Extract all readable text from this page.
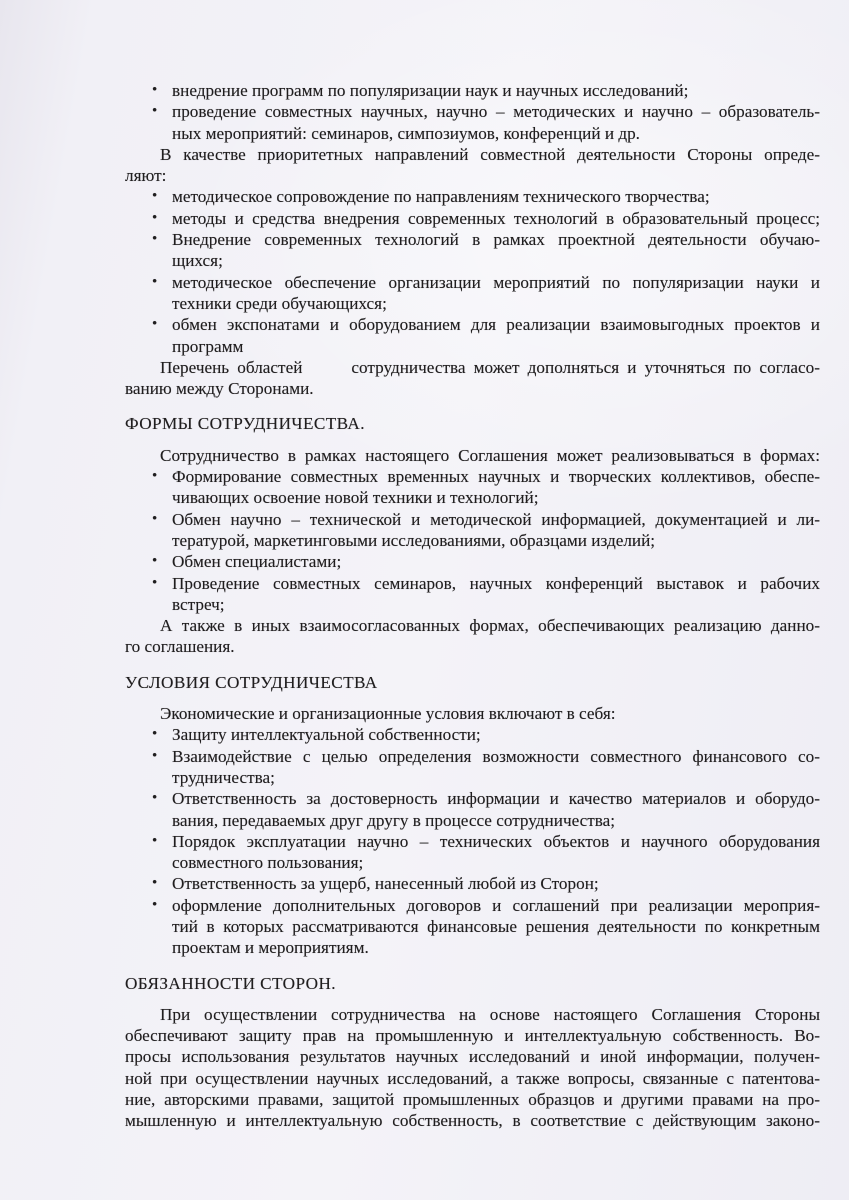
• внедрение программ по популяризации наук и научных исследований;
• проведение совместных научных, научно – методических и научно – образователь-
ных мероприятий: семинаров, симпозиумов, конференций и др.
В качестве приоритетных направлений совместной деятельности Стороны опреде-
ляют:
• методическое сопровождение по направлениям технического творчества;
• методы и средства внедрения современных технологий в образовательный процесс;
• Внедрение современных технологий в рамках проектной деятельности обучаю-
щихся;
• методическое обеспечение организации мероприятий по популяризации науки и
техники среди обучающихся;
• обмен экспонатами и оборудованием для реализации взаимовыгодных проектов и
программ
Перечень областей      сотрудничества может дополняться и уточняться по согласо-
ванию между Сторонами.
ФОРМЫ СОТРУДНИЧЕСТВА.
Сотрудничество в рамках настоящего Соглашения может реализовываться в формах:
• Формирование совместных временных научных и творческих коллективов, обеспе-
чивающих освоение новой техники и технологий;
• Обмен научно – технической и методической информацией, документацией и ли-
тературой, маркетинговыми исследованиями, образцами изделий;
• Обмен специалистами;
• Проведение совместных семинаров, научных конференций выставок и рабочих
встреч;
А также в иных взаимосогласованных формах, обеспечивающих реализацию данно-
го соглашения.
УСЛОВИЯ СОТРУДНИЧЕСТВА
Экономические и организационные условия включают в себя:
• Защиту интеллектуальной собственности;
• Взаимодействие с целью определения возможности совместного финансового со-
трудничества;
• Ответственность за достоверность информации и качество материалов и оборудо-
вания, передаваемых друг другу в процессе сотрудничества;
• Порядок эксплуатации научно – технических объектов и научного оборудования
совместного пользования;
• Ответственность за ущерб, нанесенный любой из Сторон;
• оформление дополнительных договоров и соглашений при реализации мероприя-
тий в которых рассматриваются финансовые решения деятельности по конкретным
проектам и мероприятиям.
ОБЯЗАННОСТИ СТОРОН.
При осуществлении сотрудничества на основе настоящего Соглашения Стороны
обеспечивают защиту прав на промышленную и интеллектуальную собственность. Во-
просы использования результатов научных исследований и иной информации, получен-
ной при осуществлении научных исследований, а также вопросы, связанные с патентова-
ние, авторскими правами, защитой промышленных образцов и другими правами на про-
мышленную и интеллектуальную собственность, в соответствие с действующим законо-
